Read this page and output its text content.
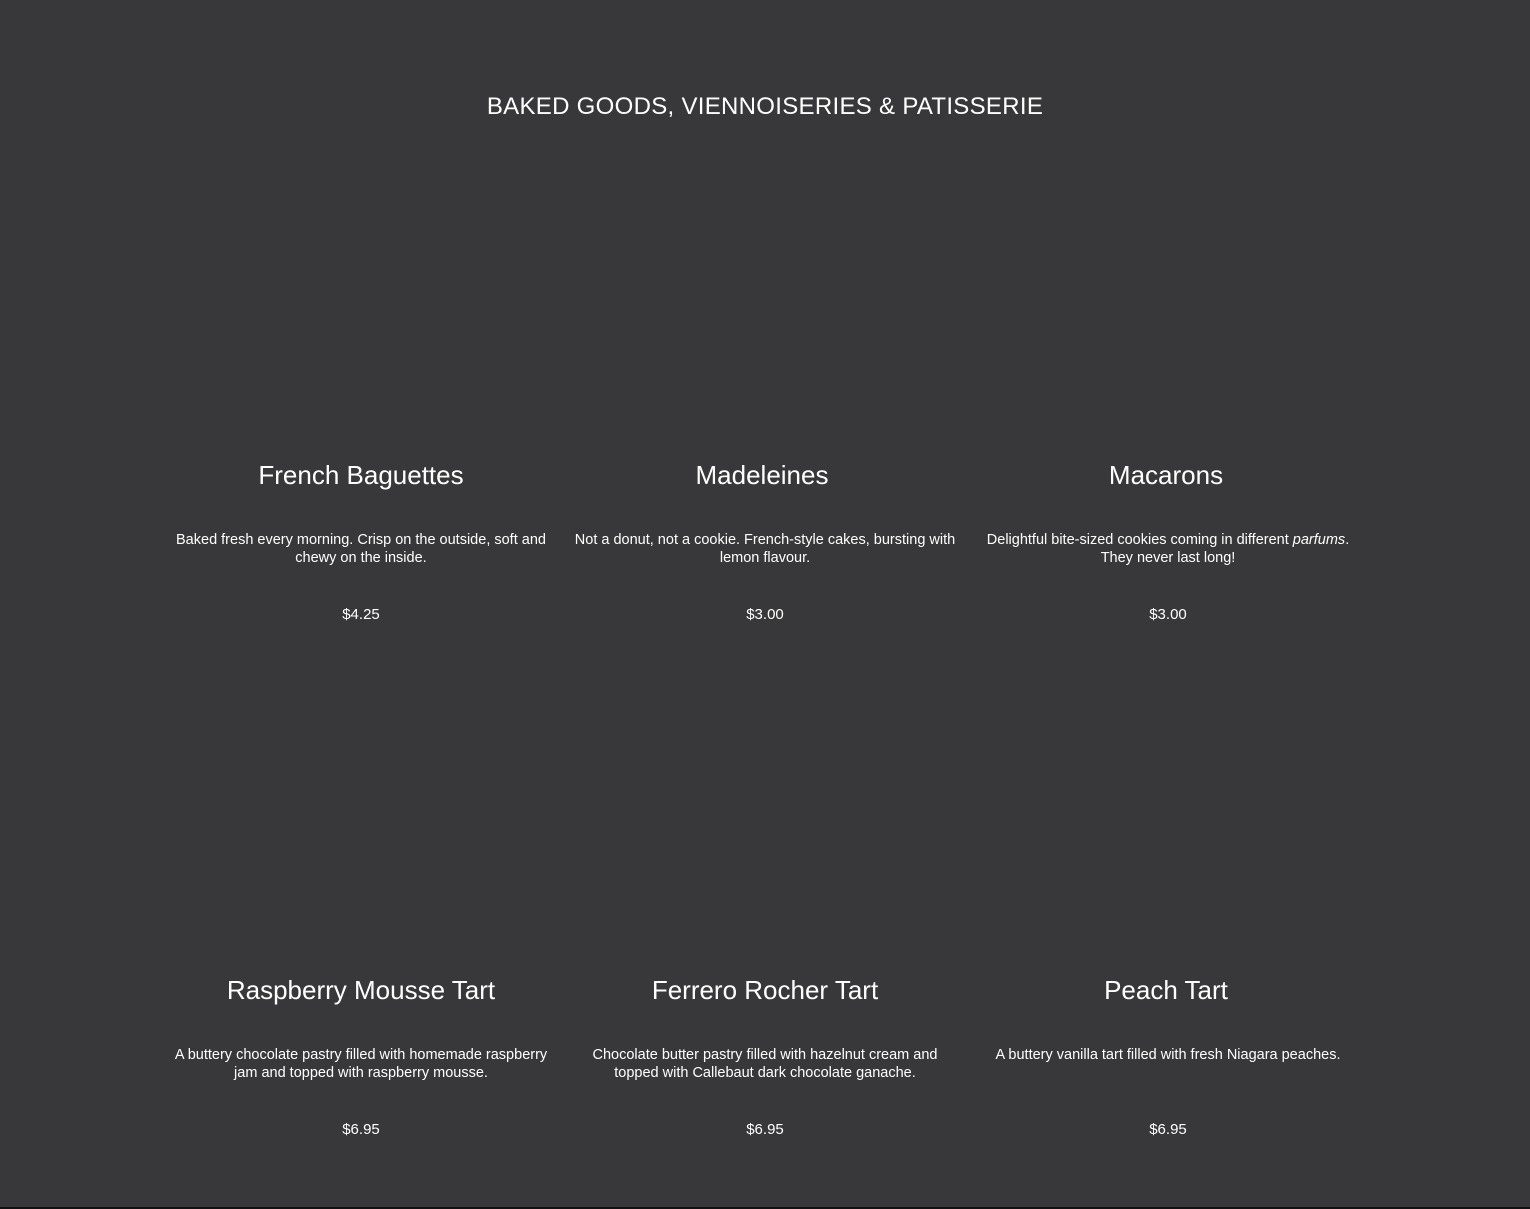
BAKED GOODS, VIENNOISERIES & PATISSERIE
French Baguettes

Baked fresh every morning. Crisp on the outside, soft and chewy on the inside.

$4.25

Madeleines

Not a donut, not a cookie. French-style cakes, bursting with lemon flavour.

$3.00

Macarons

Delightful bite-sized cookies coming in different parfums. They never last long!

$3.00

Raspberry Mousse Tart

A buttery chocolate pastry filled with homemade raspberry jam and topped with raspberry mousse.

$6.95

Ferrero Rocher Tart

Chocolate butter pastry filled with hazelnut cream and topped with Callebaut dark chocolate ganache.

$6.95

Peach Tart

A buttery vanilla tart filled with fresh Niagara peaches.

$6.95
